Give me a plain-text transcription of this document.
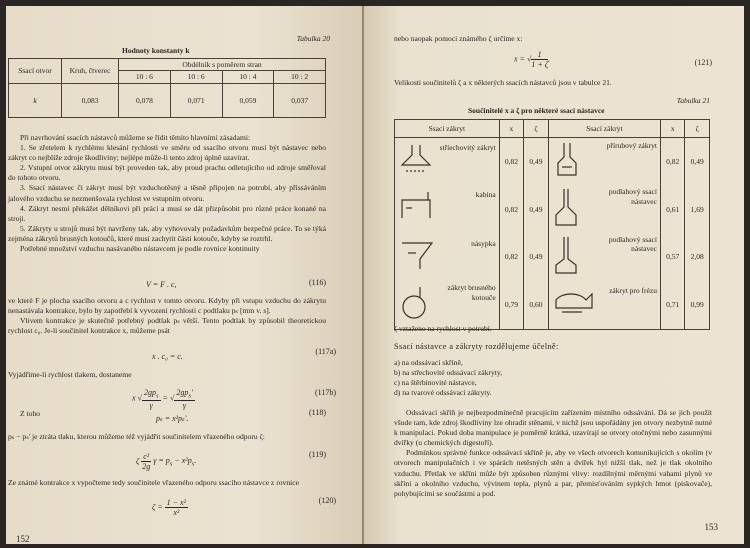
Tabulka 20
Hodnoty konstanty k
Ssací otvor	Kruh, čtverec	Obdélník s poměrem stran			
		10 : 6	10 : 6	10 : 4	10 : 2
k	0,083	0,078	0,071	0,059	0,037
Při navrhování ssacích nástavců můžeme se řídit těmito hlavními zásadami:
1. Se zřetelem k rychlému klesání rychlosti ve směru od ssacího otvoru musí být nástavec nebo zákryt co nejblíže zdroje škodliviny; nejlépe může-li tento zdroj úplně uzavírat.
2. Vstupní otvor zákrytu musí být proveden tak, aby proud prachu odletujícího od zdroje směřoval do tohoto otvoru.
3. Ssací nástavec či zákryt musí být vzduchotěsný a těsně připojen na potrubí, aby přissáváním jalového vzduchu se nezmenšovala rychlost ve vstupním otvoru.
4. Zákryt nesmí překážet dělníkovi při práci a musí se dát přizpůsobit pro různé práce konané na stroji.
5. Zákryty u strojů musí být navrženy tak, aby vyhovovaly požadavkům bezpečné práce. To se týká zejména zákrytů brusných kotoučů, které musí zachytit části kotouče, kdyby se roztrhl.
Potřebné množství vzduchu nasávaného nástavcem je podle rovnice kontinuity
V = F . c,	(116)
ve které F je plocha ssacího otvoru a c rychlost v tomto otvoru. Kdyby při vstupu vzduchu do zákrytu nenastávala kontrakce, bylo by zapotřebí k vyvození rychlosti c podtlaku pₛ [mm v. s].
Vlivem kontrakce je skutečně potřebný podtlak pₛ větší. Tento podtlak by způsobil theoretickou rychlost c₀. Je-li součinitel kontrakce x, můžeme psát
x . c₀ = c.
(117a)
Vyjádříme-li rychlost tlakem, dostaneme
x √ $\frac{2gp_s}{\gamma}$ = √ $\frac{2gp_s'}{\gamma}$	(117b)
Z toho
pₛ = x²pₛ'.
(118)
pₛ − pₛ' je ztráta tlaku, kterou můžeme též vyjádřit součinitelem vřazeného odporu ζ:
ζ $\frac{\text{c²}}{2g}$ $\gamma = p_s - x^2p_s$.
(119)
Ze známé kontrakce x vypočteme tedy součinitele vřazeného odporu ssacího nástavce z rovnice
$\zeta = \frac{\text{1 − x²}}{\text{x²}}$	(120)
152
nebo naopak pomocí známého ζ určíme x:
x = √ $\frac{1}{1 + \zeta}$ .	(121)
Velikosti součinitelů ζ a x některých ssacích nástavců jsou v tabulce 21.
Tabulka 21
Součinitelé x a ζ pro některé ssací nástavce
Ssací zákryt	x	ζ	Ssací zákryt	x	ζ

stříechovitý zákryt	0,82	0,49	přírubový zákryt	0,82	0,49

kabina	0,82	0,49	podlahový ssací nástavec	0,61	1,69

násypka	0,82	0,49	podlahový ssací nástavec	0,57	2,08

zákryt brusného kotouče	0,79	0,60	zákryt pro frézu	0,71	0,99
ζ vztaženo na rychlost v potrubí.
Ssací nástavce a zákryty rozdělujeme účelně:
a) na odssávací skříně,
b) na střechovité odssávací zákryty,
c) na štěrbinovité nástavce,
d) na tvarové odssávací zákryty.
Odssávací skříň je nejbezpodmínečně pracujícím zařízením místního odssávání. Dá se jich použít všude tam, kde zdroj škodliviny lze ohradit stěnami, v nichž jsou uspořádány jen otvory nezbytně nutné k manipulaci. Pokud doba manipulace je poměrně krátká, uzavírají se otvory otočnými nebo zasunnými dvířky (u chemických digestoří).
Podmínkou správné funkce odssávací skříně je, aby ve všech otvorech komunikujících s okolím (v otvorech manipulačních i ve spárách netěsných stěn a dvířek hyl nižší tlak, než je tlak okolního vzduchu. Přetlak ve skříni může být způsoben různými vlivy: rozdílnými měrnými vahami plynů ve skříni a okolního vzduchu, vývinem tepla, plynů a par, přemisťováním sypkých hmot (piskovače), pohybujícími se součástmi a pod.
153
